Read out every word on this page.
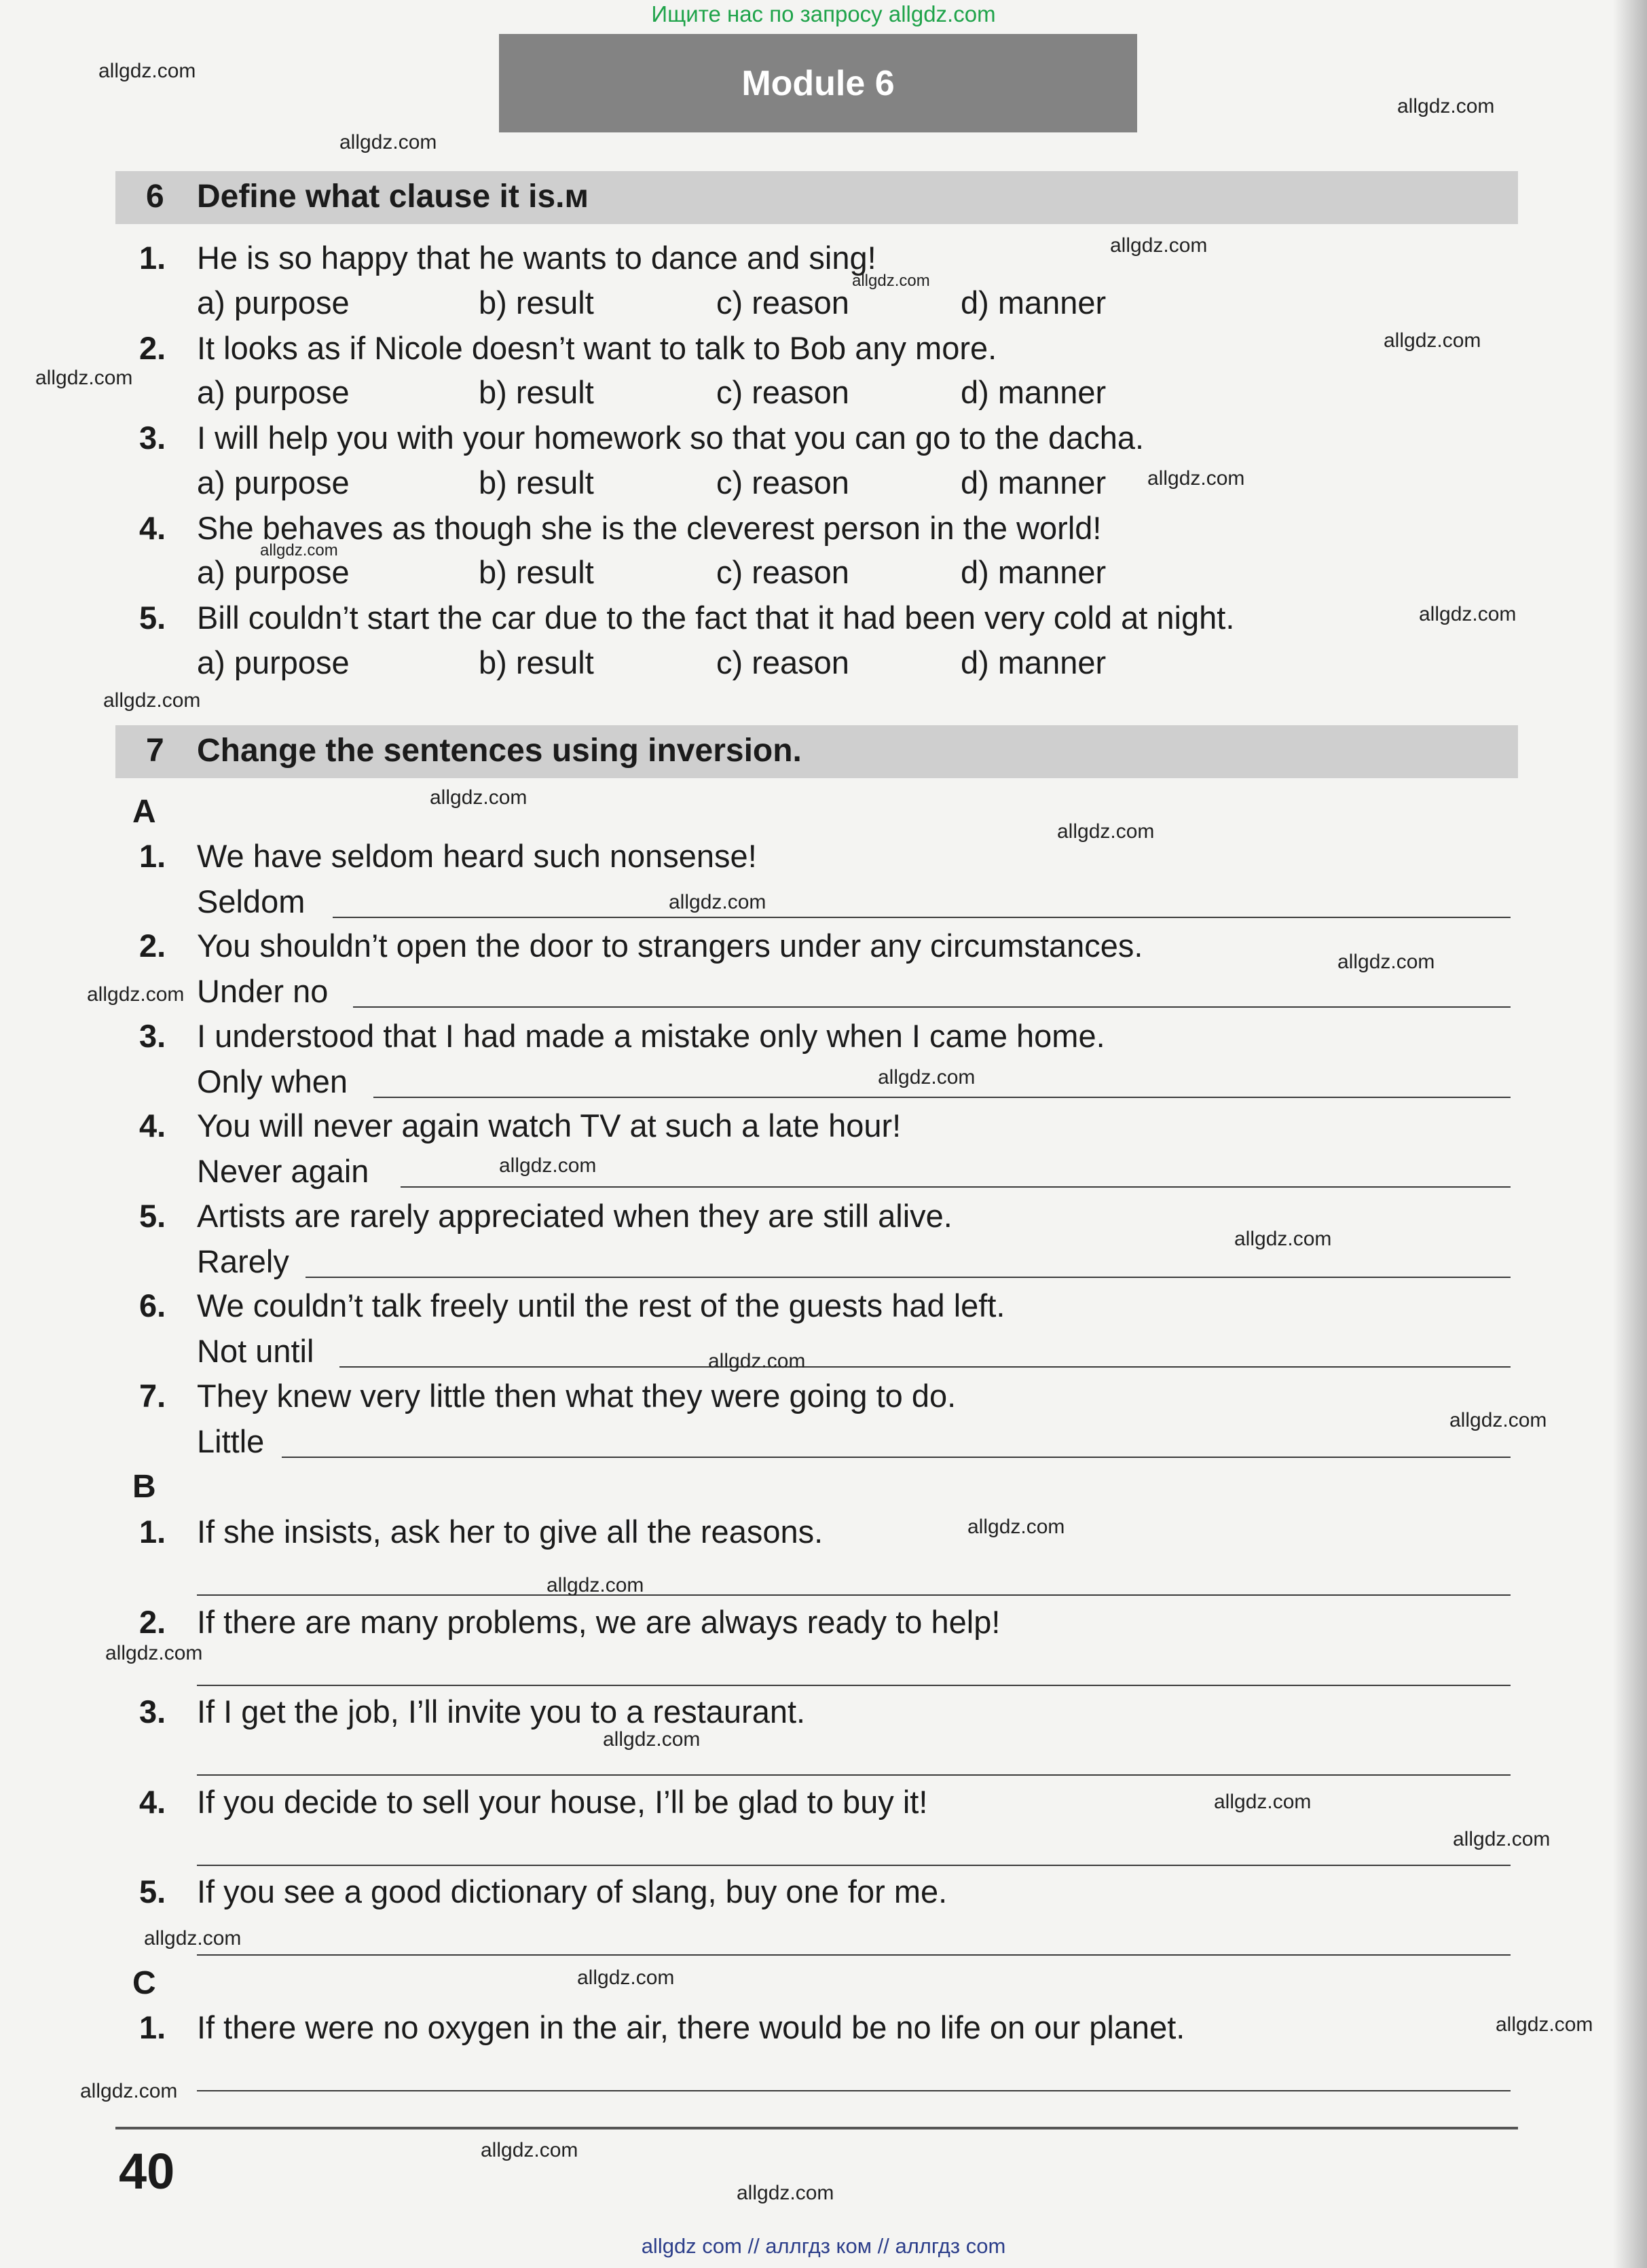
Ищите нас по запросу allgdz.com
Module 6
6 Define what clause it is.м
1. He is so happy that he wants to dance and sing!
a) purpose	b) result	c) reason	d) manner
2. It looks as if Nicole doesn’t want to talk to Bob any more.
a) purpose	b) result	c) reason	d) manner
3. I will help you with your homework so that you can go to the dacha.
a) purpose	b) result	c) reason	d) manner
4. She behaves as though she is the cleverest person in the world!
a) purpose	b) result	c) reason	d) manner
5. Bill couldn’t start the car due to the fact that it had been very cold at night.
a) purpose	b) result	c) reason	d) manner
7 Change the sentences using inversion.
A
1. We have seldom heard such nonsense!
Seldom
2. You shouldn’t open the door to strangers under any circumstances.
Under no
3. I understood that I had made a mistake only when I came home.
Only when
4. You will never again watch TV at such a late hour!
Never again
5. Artists are rarely appreciated when they are still alive.
Rarely
6. We couldn’t talk freely until the rest of the guests had left.
Not until
7. They knew very little then what they were going to do.
Little
B
1. If she insists, ask her to give all the reasons.
2. If there are many problems, we are always ready to help!
3. If I get the job, I’ll invite you to a restaurant.
4. If you decide to sell your house, I’ll be glad to buy it!
5. If you see a good dictionary of slang, buy one for me.
C
1. If there were no oxygen in the air, there would be no life on our planet.
40
allgdz.com
allgdz.com
allgdz.com
allgdz.com
allgdz.com
allgdz.com
allgdz.com
allgdz.com
allgdz.com
allgdz.com
allgdz.com
allgdz.com
allgdz.com
allgdz.com
allgdz.com
allgdz.com
allgdz.com
allgdz.com
allgdz.com
allgdz.com
allgdz.com
allgdz.com
allgdz.com
allgdz.com
allgdz.com
allgdz.com
allgdz.com
allgdz.com
allgdz.com
allgdz.com
allgdz.com
allgdz.com
allgdz.com
allgdz com // аллгдз ком // аллгдз com
